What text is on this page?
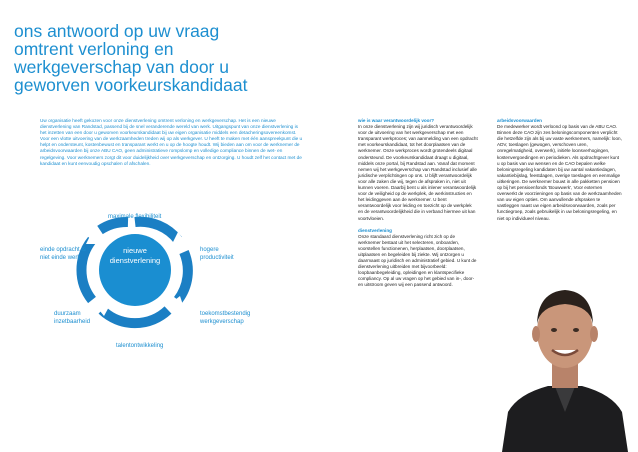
ons antwoord op uw vraag
omtrent verloning en
werkgeverschap van door u
geworven voorkeurskandidaat
Uw organisatie heeft gekozen voor onze dienstverlening omtrent verloning en werkgeverschap. Het is een nieuwe dienstverlening van Randstad, passend bij de snel veranderende wereld van werk. Uitgangspunt van onze dienstverlening is het inzetten van een door u geworven voorkeurskandidaat bij uw eigen organisatie middels een detacheringsovereenkomst. Voor een vlotte uitvoering van de werkzaamheden treden wij op als werkgever. U heeft te maken met één aanspreekpunt die u helpt en ondersteunt, kostenbewust en transparant werkt en u op de hoogte houdt. Wij bieden aan om voor de werknemer de arbeidsvoorwaarden bij onze ABU CAO, geen administratieve rompslomp en volledige compliance binnen de wet- en regelgeving. Voor werknemers zorgt dit voor duidelijkheid over werkgeverschap en ontzorging. U houdt zelf het contact met de kandidaat en kunt eenvoudig opschalen of afschalen.
nieuwe
dienstverlening
maximale flexibiliteit
einde opdracht is
niet einde werk
hogere
productiviteit
duurzaam
inzetbaarheid
toekomstbestendig
werkgeverschap
talentontwikkeling

wie is waar verantwoordelijk voor?

In onze dienstverlening zijn wij juridisch verantwoordelijk voor de uitvoering van het werkgeverschap met een transparant werkproces; van aanmelding van een opdracht met voorkeurskandidaat, tot het doorplaatsen van de werknemer. Onze werkproces wordt grotendeels digitaal ondersteund. De voorkeurskandidaat draagt u digitaal, middels onze portal, bij Randstad aan. Vanaf dat moment nemen wij het werkgeverschap van Randstad inclusief alle juridische verplichtingen op ons. U blijft verantwoordelijk voor alle zaken die wij, tegen de afspraken in, niet uit kunnen voeren. Daarbij bent u als inlener verantwoordelijk voor de veiligheid op de werkplek, de werkinstructies en het leidinggeven aan de werknemer. U bent verantwoordelijk voor leiding en toezicht op de werkplek en de verantwoordelijkheid die in verband hiermee uit kan voortvloeien.

dienstverlening

Onze standaard dienstverlening richt zich op de werknemer bestaat uit het selecteren, onboarden, voorstellen functionenen, herplaatsen, doorplaatsen, uitplaatsen en begeleiden bij ziekte. Wij ontzorgen u daarmaast op juridisch en administratief gebied. U kunt de dienstverlening uitbreiden met bijvoorbeeld: loopbaanbegeleiding, opleidingen en klantspecifieke compliancy. Op al uw vragen op het gebied van in-, door- en uitstroom geven wij een passend antwoord.

arbeidsvoorwaarden

De medewerker wordt verloond op basis van de ABU CAO. Binnen deze CAO zijn zes beloningscomponenten verplicht die hetzelfde zijn als bij uw vaste werknemers, namelijk: loon, ADV, toeslagen (gewogen, verschoven uren, onregelmatigheid, overwerk), initiële loonsverhogingen, kostenvergoedingen en periodieken. Als opdrachtgever kunt u op basis van uw wensen en de CAO bepalen welke beloningsregeling kandidaten bij uw aantal vakantiedagen, vakantiebijslag, feestdagen, overige toeslagen en eenmalige uitkeringen. De werknemer bouwt in alle pakketten pensioen op bij het pensioenfonds 'Bouwwerk', Voor externen overwerkt de voorzieningen op basis van de werkzaamheden van uw eigen opties. Om aanvullende afspraken te vastleggen naast uw eigen arbeidsvoorwaarden, zoals per functiegroep, zoals gebruikelijk in uw beloningsregeling, en niet op individueel niveau.
